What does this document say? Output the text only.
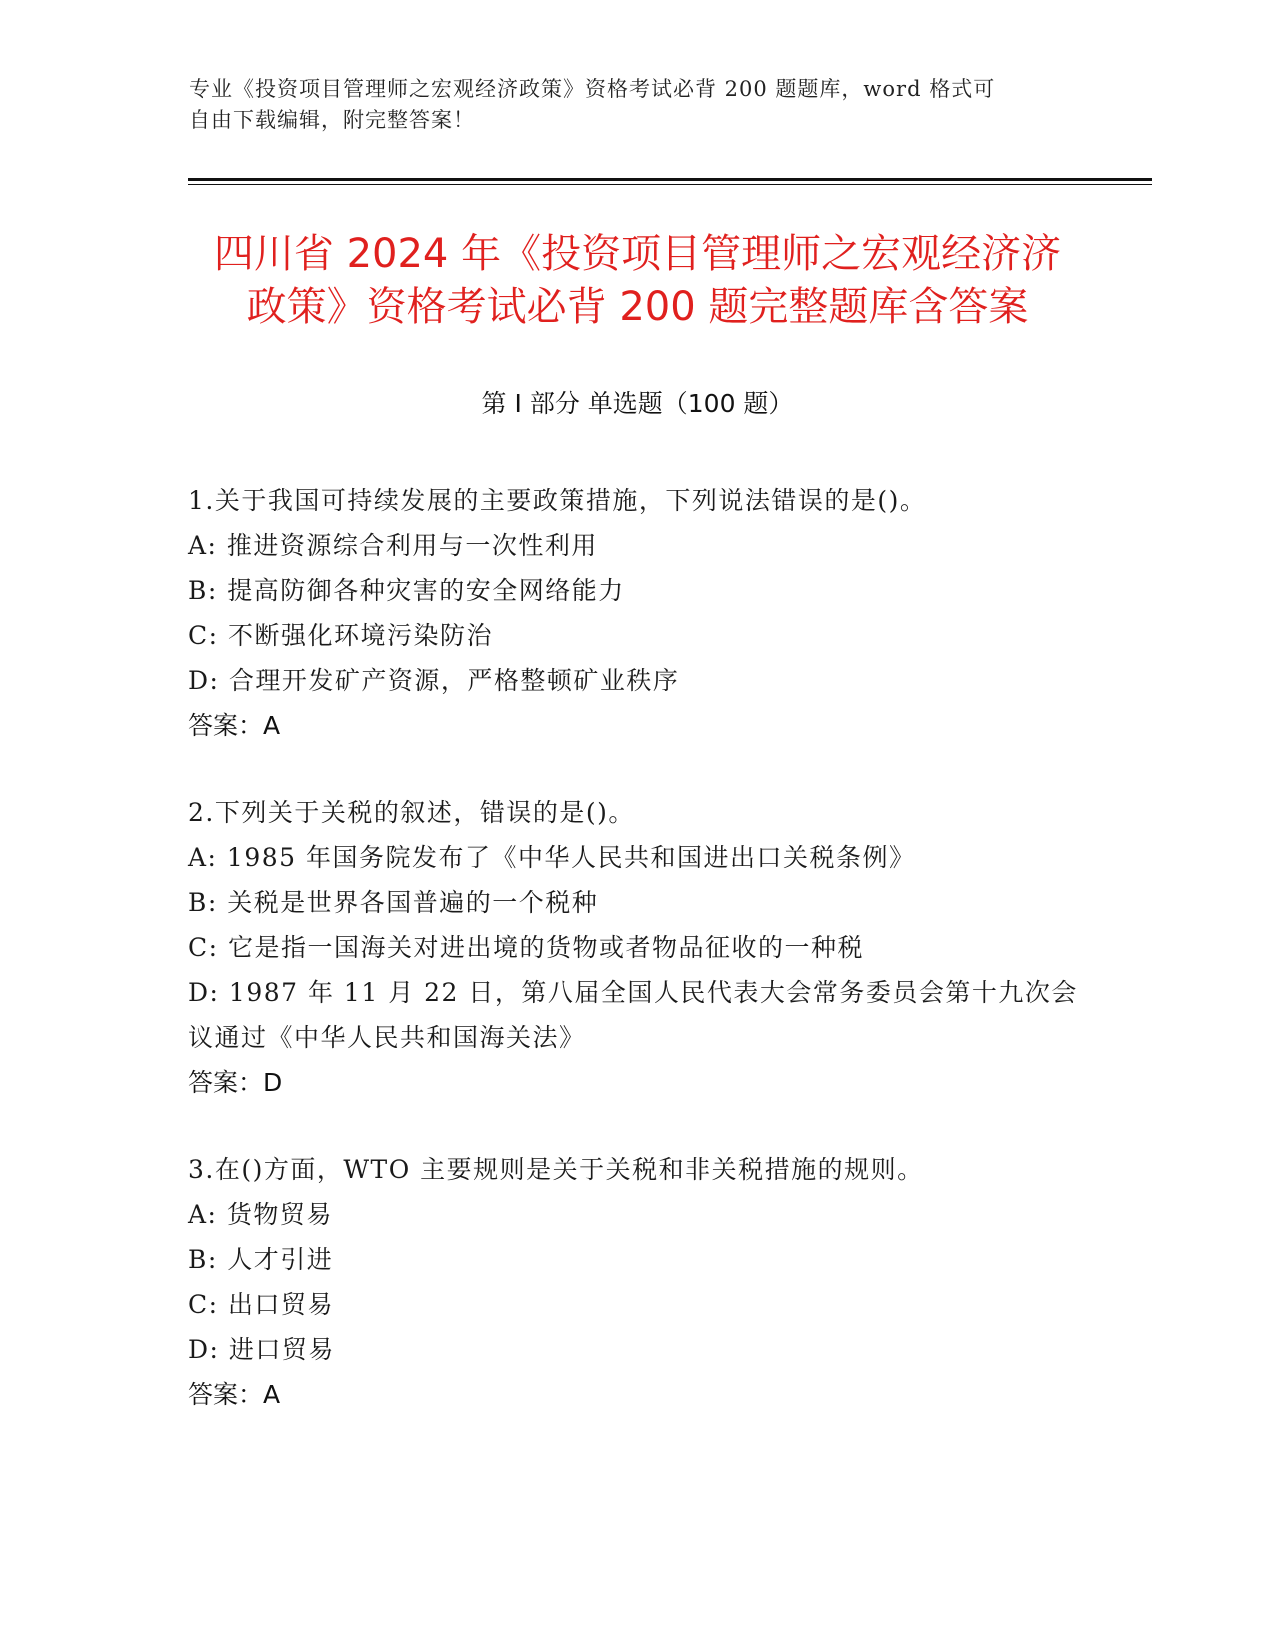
专业《投资项目管理师之宏观经济政策》资格考试必背 200 题题库，word 格式可
自由下载编辑，附完整答案！
四川省 2024 年《投资项目管理师之宏观经济济
政策》资格考试必背 200 题完整题库含答案
第 I 部分 单选题（100 题）
1.关于我国可持续发展的主要政策措施，下列说法错误的是()。
A: 推进资源综合利用与一次性利用
B: 提高防御各种灾害的安全网络能力
C: 不断强化环境污染防治
D: 合理开发矿产资源，严格整顿矿业秩序
答案：A
2.下列关于关税的叙述，错误的是()。
A: 1985 年国务院发布了《中华人民共和国进出口关税条例》
B: 关税是世界各国普遍的一个税种
C: 它是指一国海关对进出境的货物或者物品征收的一种税
D: 1987 年 11 月 22 日，第八届全国人民代表大会常务委员会第十九次会议通过《中华人民共和国海关法》
答案：D
3.在()方面，WTO 主要规则是关于关税和非关税措施的规则。
A: 货物贸易
B: 人才引进
C: 出口贸易
D: 进口贸易
答案：A
